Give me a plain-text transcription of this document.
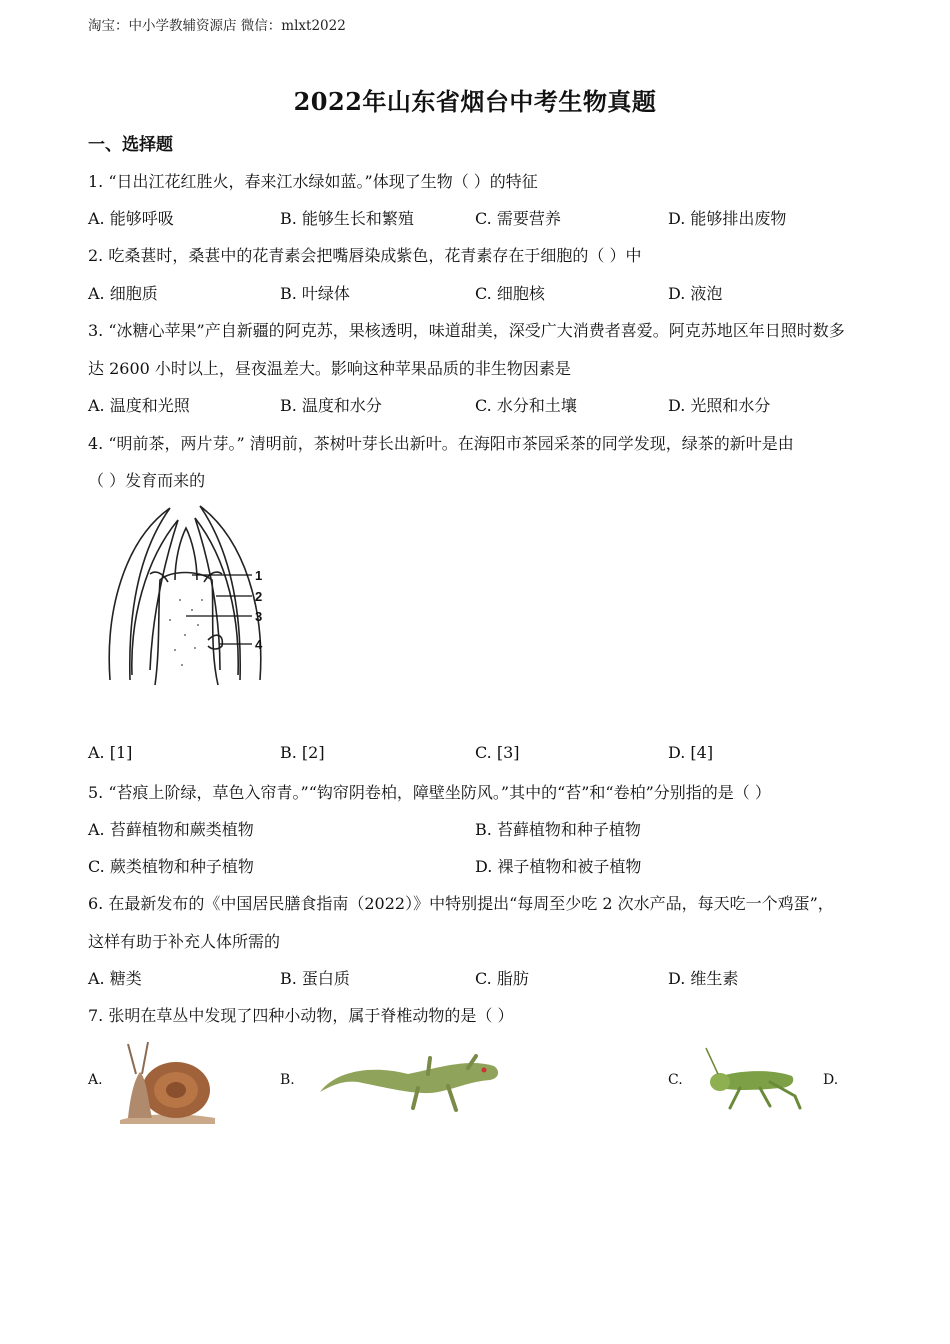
淘宝：中小学教辅资源店 微信：mlxt2022
2022年山东省烟台中考生物真题
一、选择题
1. “日出江花红胜火，春来江水绿如蓝。”体现了生物（ ）的特征
A. 能够呼吸	B. 能够生长和繁殖	C. 需要营养	D. 能够排出废物
2. 吃桑葚时，桑葚中的花青素会把嘴唇染成紫色，花青素存在于细胞的（ ）中
A. 细胞质	B. 叶绿体	C. 细胞核	D. 液泡
3. “冰糖心苹果”产自新疆的阿克苏，果核透明，味道甜美，深受广大消费者喜爱。阿克苏地区年日照时数多
达 2600 小时以上，昼夜温差大。影响这种苹果品质的非生物因素是
A. 温度和光照	B. 温度和水分	C. 水分和土壤	D. 光照和水分
4. “明前茶，两片芽。” 清明前，茶树叶芽长出新叶。在海阳市茶园采茶的同学发现，绿茶的新叶是由
（ ）发育而来的
1
2
3
4
A. [1]	B. [2]	C. [3]	D. [4]
5. “苔痕上阶绿，草色入帘青。”“钩帘阴卷柏，障壁坐防风。”其中的“苔”和“卷柏”分别指的是（ ）
A. 苔藓植物和蕨类植物	B. 苔藓植物和种子植物
C. 蕨类植物和种子植物	D. 裸子植物和被子植物
6. 在最新发布的《中国居民膳食指南（2022）》中特别提出“每周至少吃 2 次水产品，每天吃一个鸡蛋”，
这样有助于补充人体所需的
A. 糖类	B. 蛋白质	C. 脂肪	D. 维生素
7. 张明在草丛中发现了四种小动物，属于脊椎动物的是（ ）
A.	B.	C.	D.
